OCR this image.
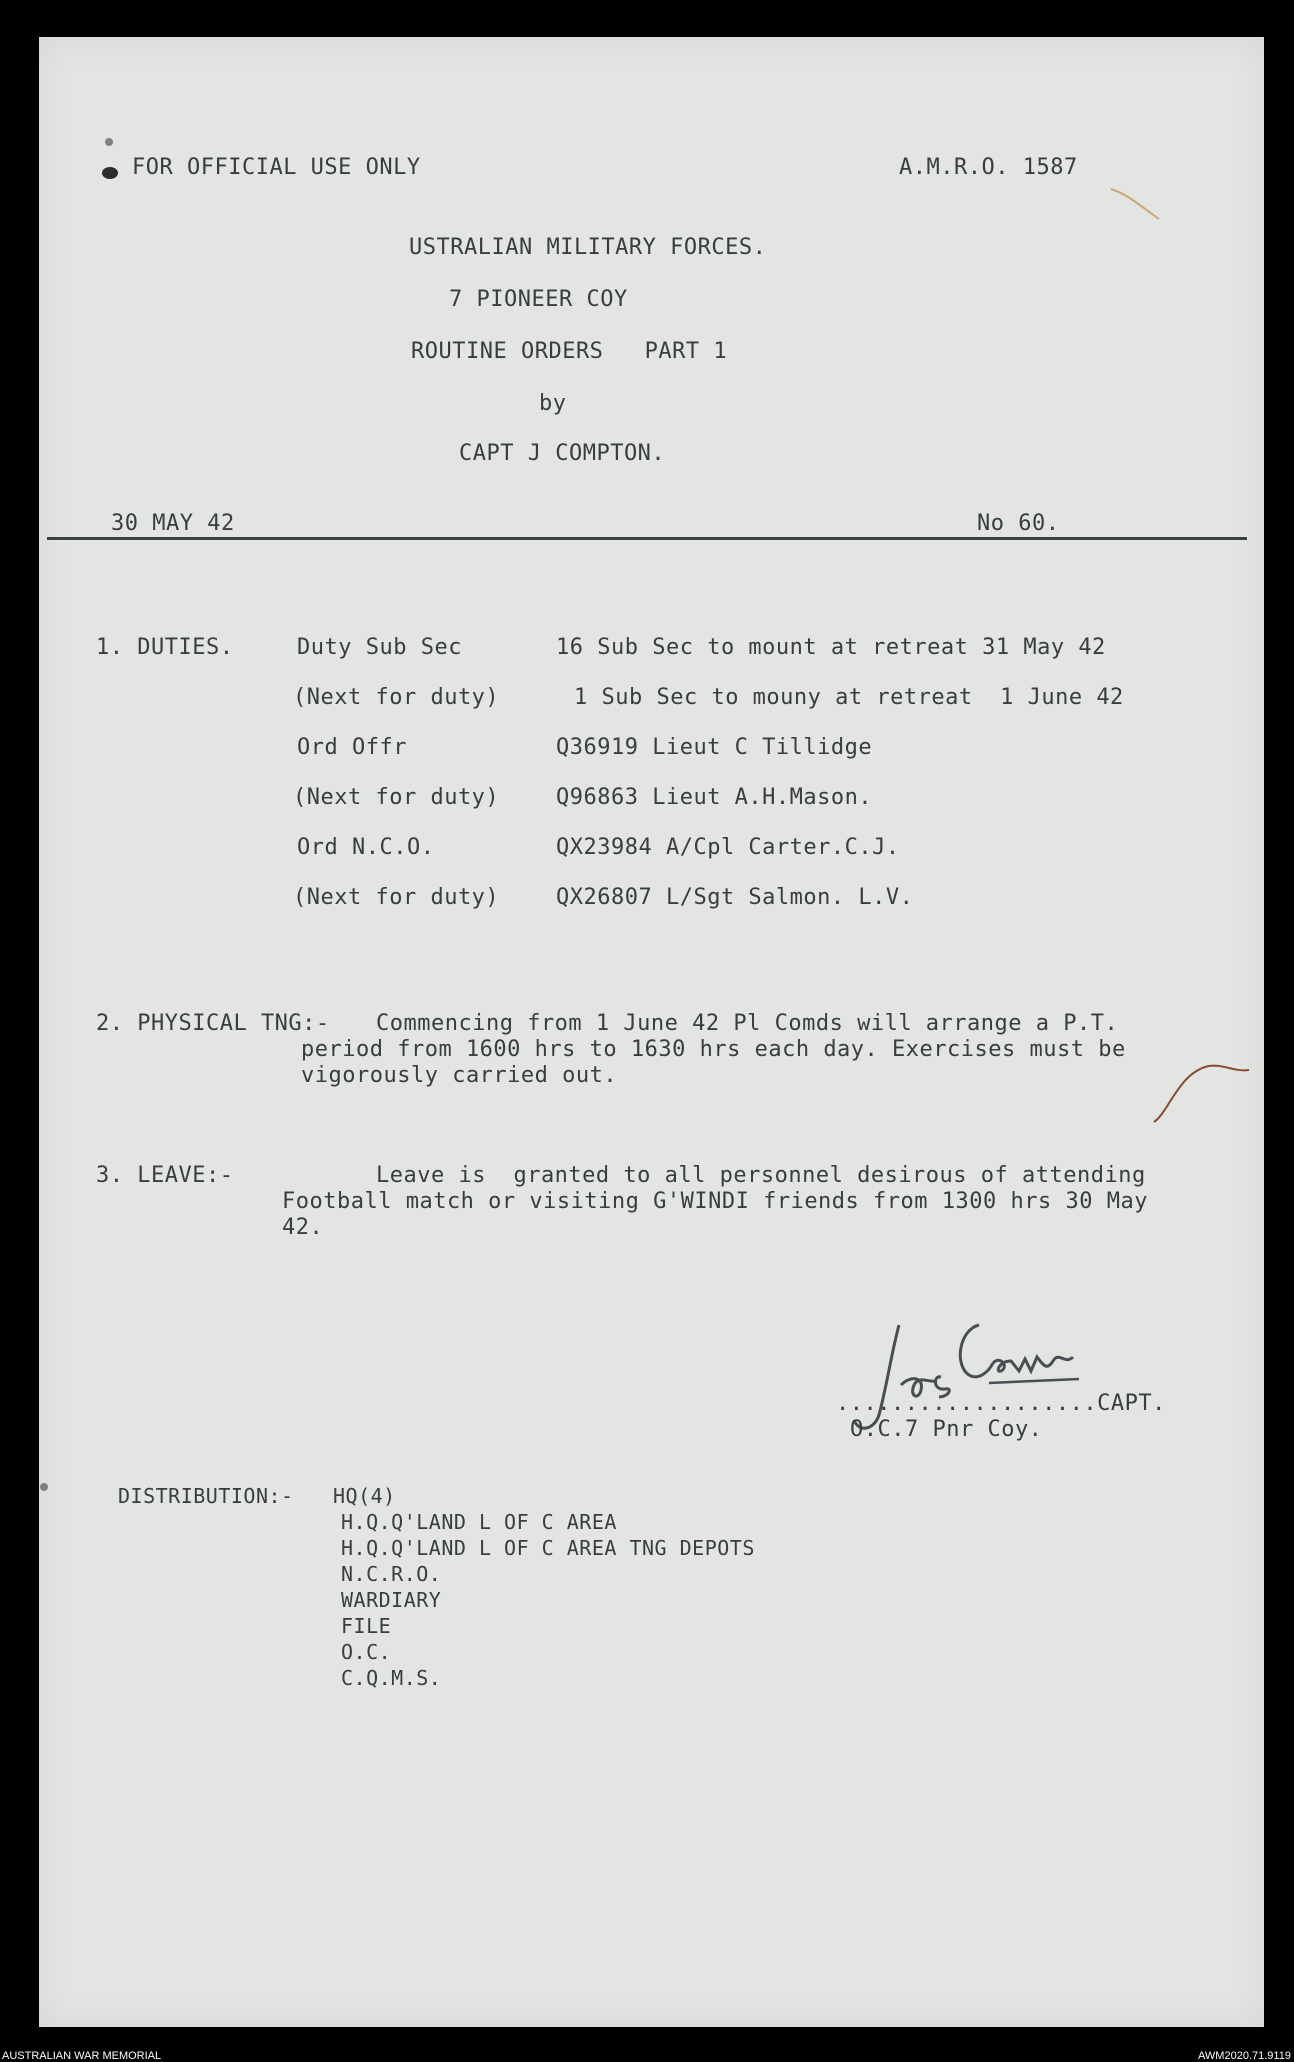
FOR OFFICIAL USE ONLY	A.M.R.O. 1587
USTRALIAN MILITARY FORCES.
7 PIONEER COY
ROUTINE ORDERS   PART 1
by
CAPT J COMPTON.
30 MAY 42	No 60.
1. DUTIES.	Duty Sub Sec	16 Sub Sec to mount at retreat 31 May 42
(Next for duty)	1 Sub Sec to mouny at retreat  1 June 42
Ord Offr	Q36919 Lieut C Tillidge
(Next for duty)	Q96863 Lieut A.H.Mason.
Ord N.C.O.	QX23984 A/Cpl Carter.C.J.
(Next for duty)	QX26807 L/Sgt Salmon. L.V.
2. PHYSICAL TNG:- Commencing from 1 June 42 Pl Comds will arrange a P.T.
period from 1600 hrs to 1630 hrs each day. Exercises must be
vigorously carried out.
3. LEAVE:-	Leave is  granted to all personnel desirous of attending
Football match or visiting G'WINDI friends from 1300 hrs 30 May
42.
...................CAPT.
O.C.7 Pnr Coy.
DISTRIBUTION:- HQ(4)
H.Q.Q'LAND L OF C AREA
H.Q.Q'LAND L OF C AREA TNG DEPOTS
N.C.R.O.
WARDIARY
FILE
O.C.
C.Q.M.S.
AUSTRALIAN WAR MEMORIAL	AWM2020.71.9119
